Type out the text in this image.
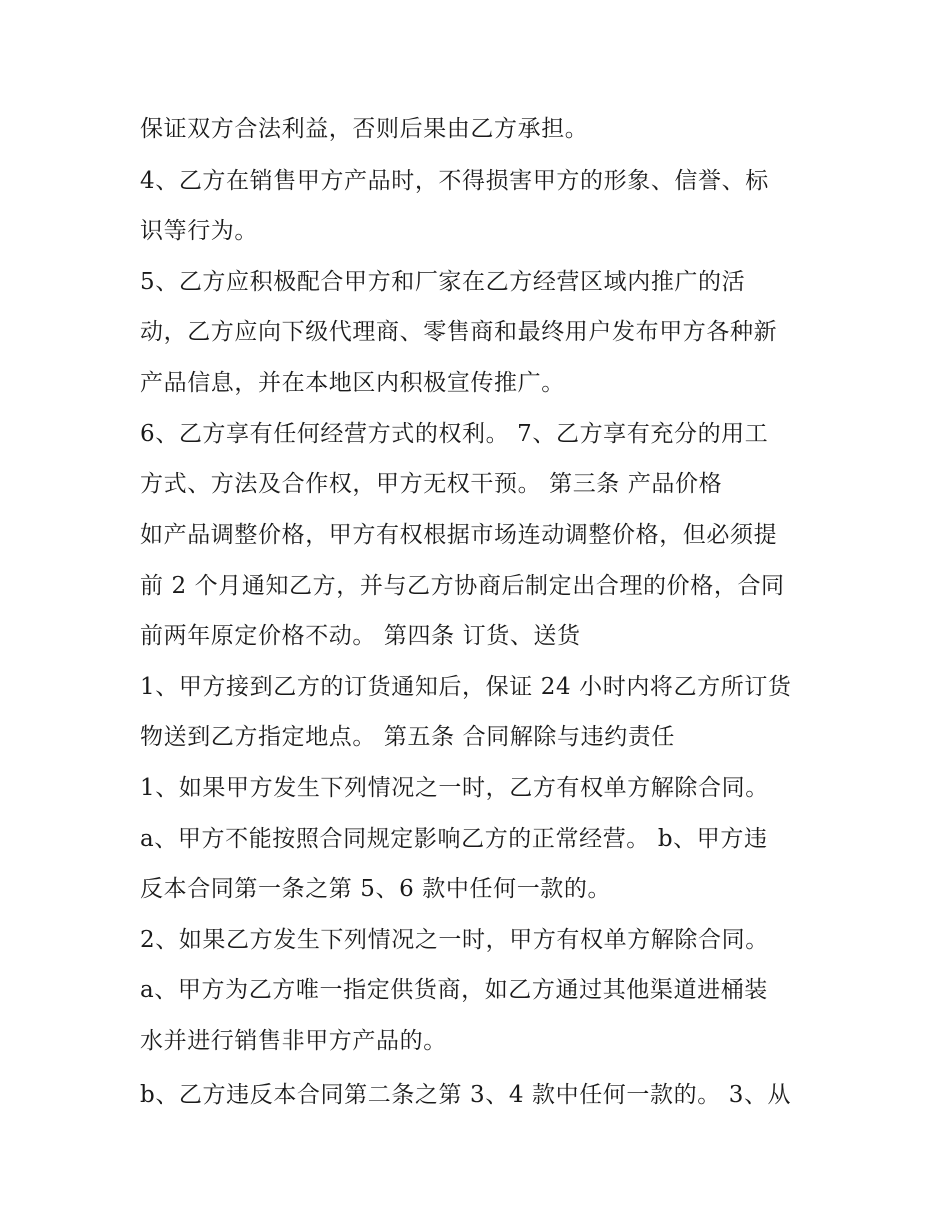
保证双方合法利益，否则后果由乙方承担。
4、乙方在销售甲方产品时，不得损害甲方的形象、信誉、标
识等行为。
5、乙方应积极配合甲方和厂家在乙方经营区域内推广的活
动，乙方应向下级代理商、零售商和最终用户发布甲方各种新
产品信息，并在本地区内积极宣传推广。
6、乙方享有任何经营方式的权利。 7、乙方享有充分的用工
方式、方法及合作权，甲方无权干预。 第三条 产品价格
如产品调整价格，甲方有权根据市场连动调整价格，但必须提
前 2 个月通知乙方，并与乙方协商后制定出合理的价格，合同
前两年原定价格不动。 第四条 订货、送货
1、甲方接到乙方的订货通知后，保证 24 小时内将乙方所订货
物送到乙方指定地点。 第五条 合同解除与违约责任
1、如果甲方发生下列情况之一时，乙方有权单方解除合同。
a、甲方不能按照合同规定影响乙方的正常经营。 b、甲方违
反本合同第一条之第 5、6 款中任何一款的。
2、如果乙方发生下列情况之一时，甲方有权单方解除合同。
a、甲方为乙方唯一指定供货商，如乙方通过其他渠道进桶装
水并进行销售非甲方产品的。
b、乙方违反本合同第二条之第 3、4 款中任何一款的。 3、从
